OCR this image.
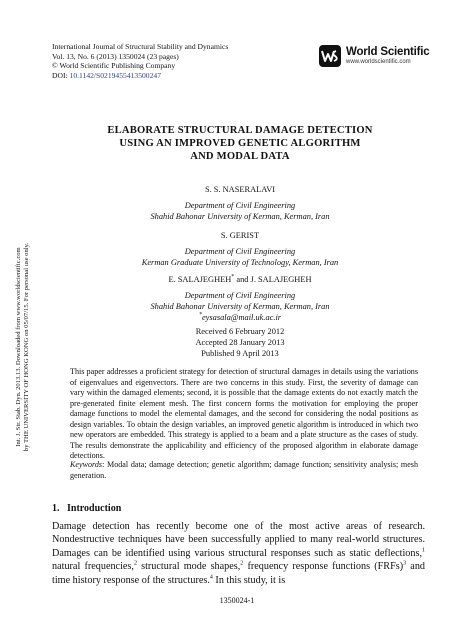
International Journal of Structural Stability and Dynamics
Vol. 13, No. 6 (2013) 1350024 (23 pages)
© World Scientific Publishing Company
DOI: 10.1142/S0219455413500247
World Scientific
www.worldscientific.com
Int. J. Str. Stab. Dyn. 2013.13. Downloaded from www.worldscientific.com by THE UNIVERSITY OF HONG KONG on 05/07/15. For personal use only.
ELABORATE STRUCTURAL DAMAGE DETECTION
USING AN IMPROVED GENETIC ALGORITHM
AND MODAL DATA
S. S. NASERALAVI
Department of Civil Engineering
Shahid Bahonar University of Kerman, Kerman, Iran
S. GERIST
Department of Civil Engineering
Kerman Graduate University of Technology, Kerman, Iran
E. SALAJEGHEH* and J. SALAJEGHEH
Department of Civil Engineering
Shahid Bahonar University of Kerman, Kerman, Iran
*eysasala@mail.uk.ac.ir
Received 6 February 2012
Accepted 28 January 2013
Published 9 April 2013
This paper addresses a proficient strategy for detection of structural damages in details using the variations of eigenvalues and eigenvectors. There are two concerns in this study. First, the severity of damage can vary within the damaged elements; second, it is possible that the damage extents do not exactly match the pre-generated finite element mesh. The first concern forms the motivation for employing the proper damage functions to model the elemental damages, and the second for considering the nodal positions as design variables. To obtain the design variables, an improved genetic algorithm is introduced in which two new operators are embedded. This strategy is applied to a beam and a plate structure as the cases of study. The results demonstrate the applicability and efficiency of the proposed algorithm in elaborate damage detections.
Keywords: Modal data; damage detection; genetic algorithm; damage function; sensitivity analysis; mesh generation.
1. Introduction
Damage detection has recently become one of the most active areas of research. Nondestructive techniques have been successfully applied to many real-world structures. Damages can be identified using various structural responses such as static deflections,$^1$ natural frequencies,$^2$ structural mode shapes,$^2$ frequency response functions (FRFs)$^3$ and time history response of the structures.$^4$ In this study, it is
1350024-1
